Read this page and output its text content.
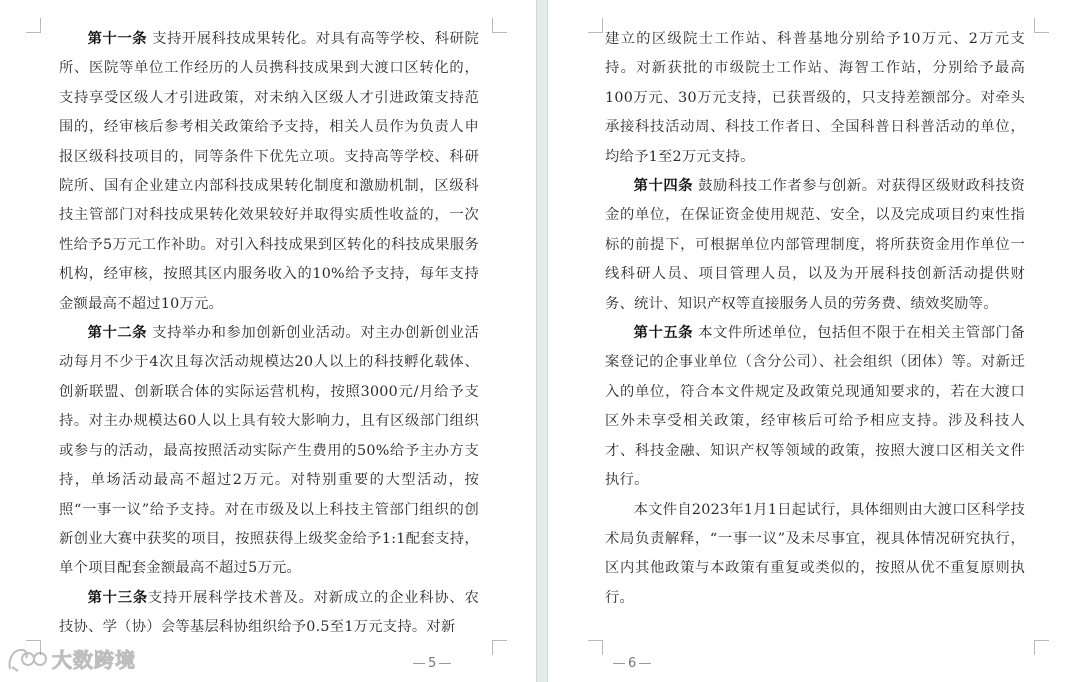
第十一条 支持开展科技成果转化。对具有高等学校、科研院所、医院等单位工作经历的人员携科技成果到大渡口区转化的，支持享受区级人才引进政策，对未纳入区级人才引进政策支持范围的，经审核后参考相关政策给予支持，相关人员作为负责人申报区级科技项目的，同等条件下优先立项。支持高等学校、科研院所、国有企业建立内部科技成果转化制度和激励机制，区级科技主管部门对科技成果转化效果较好并取得实质性收益的，一次性给予5万元工作补助。对引入科技成果到区转化的科技成果服务机构，经审核，按照其区内服务收入的10%给予支持，每年支持金额最高不超过10万元。

第十二条 支持举办和参加创新创业活动。对主办创新创业活动每月不少于4次且每次活动规模达20人以上的科技孵化载体、创新联盟、创新联合体的实际运营机构，按照3000元/月给予支持。对主办规模达60人以上具有较大影响力，且有区级部门组织或参与的活动，最高按照活动实际产生费用的50%给予主办方支持，单场活动最高不超过2万元。对特别重要的大型活动，按照“一事一议”给予支持。对在市级及以上科技主管部门组织的创新创业大赛中获奖的项目，按照获得上级奖金给予1:1配套支持，单个项目配套金额最高不超过5万元。

第十三条支持开展科学技术普及。对新成立的企业科协、农技协、学（协）会等基层科协组织给予0.5至1万元支持。对新

5
大数跨境

建立的区级院士工作站、科普基地分别给予10万元、2万元支持。对新获批的市级院士工作站、海智工作站，分别给予最高100万元、30万元支持，已获晋级的，只支持差额部分。对牵头承接科技活动周、科技工作者日、全国科普日科普活动的单位，均给予1至2万元支持。

第十四条 鼓励科技工作者参与创新。对获得区级财政科技资金的单位，在保证资金使用规范、安全，以及完成项目约束性指标的前提下，可根据单位内部管理制度，将所获资金用作单位一线科研人员、项目管理人员，以及为开展科技创新活动提供财务、统计、知识产权等直接服务人员的劳务费、绩效奖励等。

第十五条 本文件所述单位，包括但不限于在相关主管部门备案登记的企事业单位（含分公司）、社会组织（团体）等。对新迁入的单位，符合本文件规定及政策兑现通知要求的，若在大渡口区外未享受相关政策，经审核后可给予相应支持。涉及科技人才、科技金融、知识产权等领域的政策，按照大渡口区相关文件执行。

本文件自2023年1月1日起试行，具体细则由大渡口区科学技术局负责解释，“一事一议”及未尽事宜，视具体情况研究执行，区内其他政策与本政策有重复或类似的，按照从优不重复原则执行。

6
